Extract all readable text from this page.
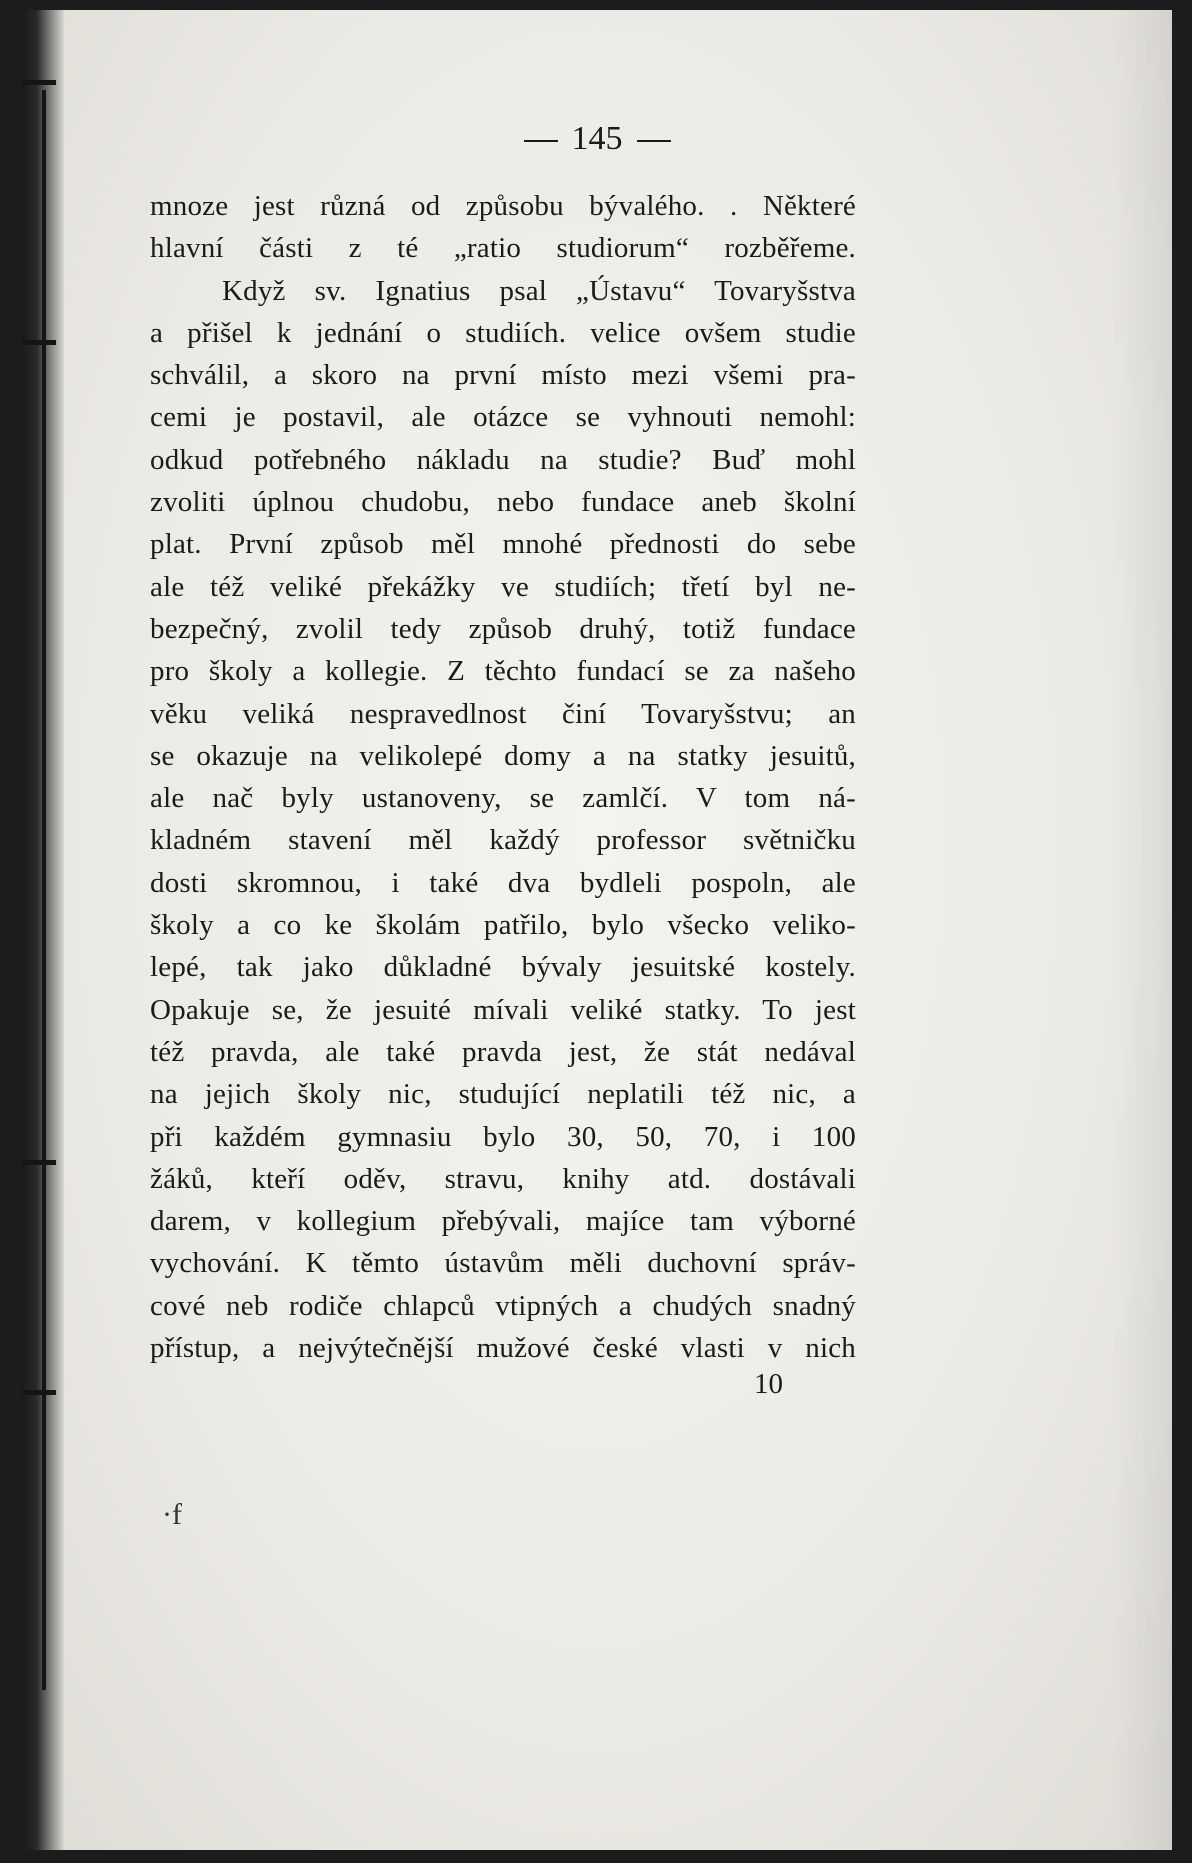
145
mnoze jest různá od způsobu bývalého. . Některé
hlavní části z té „ratio studiorum“ rozběřeme.
Když sv. Ignatius psal „Ústavu“ Tovaryšstva
a přišel k jednání o studiích. velice ovšem studie
schválil, a skoro na první místo mezi všemi pra-
cemi je postavil, ale otázce se vyhnouti nemohl:
odkud potřebného nákladu na studie? Buď mohl
zvoliti úplnou chudobu, nebo fundace aneb školní
plat. První způsob měl mnohé přednosti do sebe
ale též veliké překážky ve studiích; třetí byl ne-
bezpečný, zvolil tedy způsob druhý, totiž fundace
pro školy a kollegie. Z těchto fundací se za našeho
věku veliká nespravedlnost činí Tovaryšstvu; an
se okazuje na velikolepé domy a na statky jesuitů,
ale nač byly ustanoveny, se zamlčí. V tom ná-
kladném stavení měl každý professor světničku
dosti skromnou, i také dva bydleli pospoln, ale
školy a co ke školám patřilo, bylo všecko veliko-
lepé, tak jako důkladné bývaly jesuitské kostely.
Opakuje se, že jesuité mívali veliké statky. To jest
též pravda, ale také pravda jest, že stát nedával
na jejich školy nic, studující neplatili též nic, a
při každém gymnasiu bylo 30, 50, 70, i 100
žáků, kteří oděv, stravu, knihy atd. dostávali
darem, v kollegium přebývali, majíce tam výborné
vychování. K těmto ústavům měli duchovní správ-
cové neb rodiče chlapců vtipných a chudých snadný
přístup, a nejvýtečnější mužové české vlasti v nich
10
·f
